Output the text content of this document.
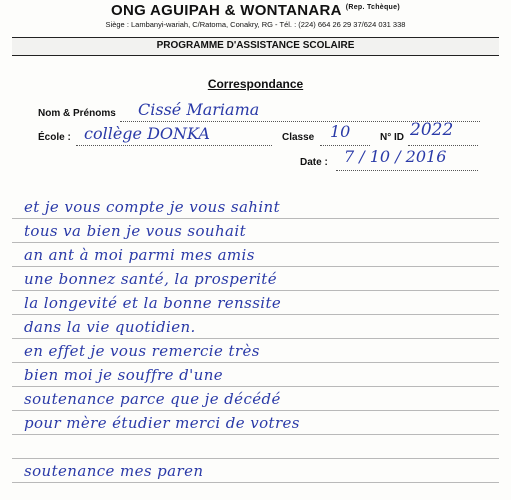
ONG AGUIPAH & WONTANARA $^{(Rep. Tchèque)}$
Siège : Lambanyi-wariah, C/Ratoma, Conakry, RG - Tél. : (224) 664 26 29 37/624 031 338
PROGRAMME D'ASSISTANCE SCOLAIRE
Correspondance
Nom & Prénoms Cissé Mariama
École : collège DONKA	Classe 10	N° ID 2022
Date : 7 / 10 / 2016
et je vous compte je vous sahint
tous va bien je vous souhait
an ant à moi parmi mes amis
une bonnez santé, la prosperité
la longevité et la bonne renssite
dans la vie quotidien.
en effet je vous remercie très
bien moi je souffre d'une
soutenance parce que je décédé
pour mère étudier merci de votres
soutenance mes paren
